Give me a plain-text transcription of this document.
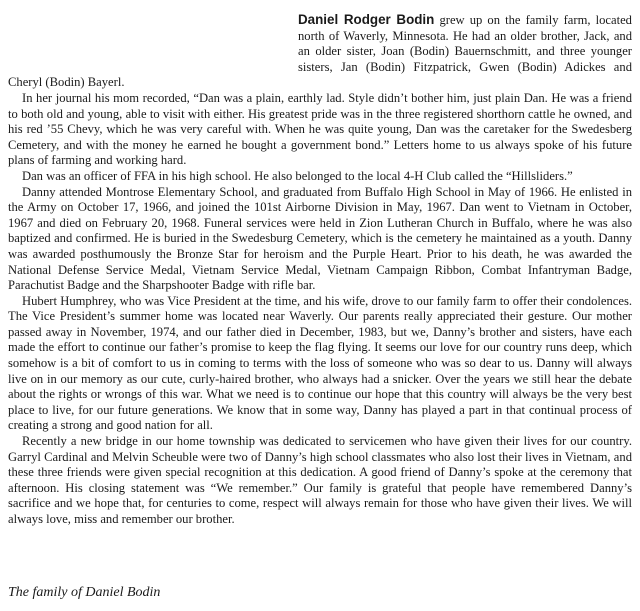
Daniel Rodger Bodin grew up on the family farm, located north of Waverly, Minnesota. He had an older brother, Jack, and an older sister, Joan (Bodin) Bauernschmitt, and three younger sisters, Jan (Bodin) Fitzpatrick, Gwen (Bodin) Adickes and Cheryl (Bodin) Bayerl.

In her journal his mom recorded, “Dan was a plain, earthly lad. Style didn’t bother him, just plain Dan. He was a friend to both old and young, able to visit with either. His greatest pride was in the three registered shorthorn cattle he owned, and his red ’55 Chevy, which he was very careful with. When he was quite young, Dan was the caretaker for the Swedesberg Cemetery, and with the money he earned he bought a government bond.” Letters home to us always spoke of his future plans of farming and working hard.

Dan was an officer of FFA in his high school. He also belonged to the local 4-H Club called the “Hillsliders.”

Danny attended Montrose Elementary School, and graduated from Buffalo High School in May of 1966. He enlisted in the Army on October 17, 1966, and joined the 101st Airborne Division in May, 1967. Dan went to Vietnam in October, 1967 and died on February 20, 1968. Funeral services were held in Zion Lutheran Church in Buffalo, where he was also baptized and confirmed. He is buried in the Swedesburg Cemetery, which is the cemetery he maintained as a youth. Danny was awarded posthumously the Bronze Star for heroism and the Purple Heart. Prior to his death, he was awarded the National Defense Service Medal, Vietnam Service Medal, Vietnam Campaign Ribbon, Combat Infantryman Badge, Parachutist Badge and the Sharpshooter Badge with rifle bar.

Hubert Humphrey, who was Vice President at the time, and his wife, drove to our family farm to offer their condolences. The Vice President’s summer home was located near Waverly. Our parents really appreciated their gesture. Our mother passed away in November, 1974, and our father died in December, 1983, but we, Danny’s brother and sisters, have each made the effort to continue our father’s promise to keep the flag flying. It seems our love for our country runs deep, which somehow is a bit of comfort to us in coming to terms with the loss of someone who was so dear to us. Danny will always live on in our memory as our cute, curly-haired brother, who always had a snicker. Over the years we still hear the debate about the rights or wrongs of this war. What we need is to continue our hope that this country will always be the very best place to live, for our future generations. We know that in some way, Danny has played a part in that continual process of creating a strong and good nation for all.

Recently a new bridge in our home township was dedicated to servicemen who have given their lives for our country. Garryl Cardinal and Melvin Scheuble were two of Danny’s high school classmates who also lost their lives in Vietnam, and these three friends were given special recognition at this dedication. A good friend of Danny’s spoke at the ceremony that afternoon. His closing statement was “We remember.” Our family is grateful that people have remembered Danny’s sacrifice and we hope that, for centuries to come, respect will always remain for those who have given their lives. We will always love, miss and remember our brother.

The family of Daniel Bodin
